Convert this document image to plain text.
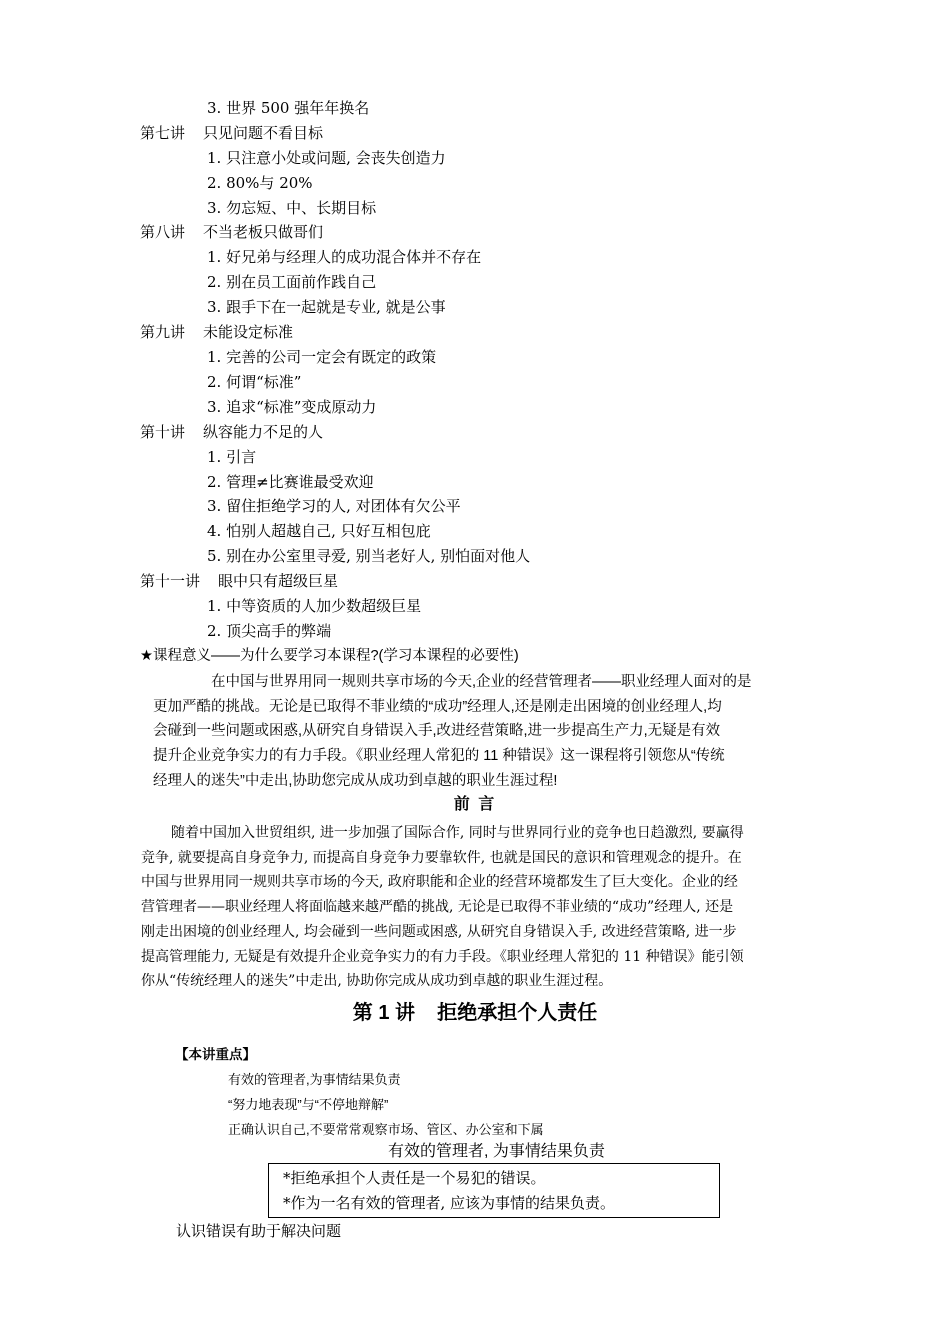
3. 世界 500 强年年换名
第七讲 只见问题不看目标
1. 只注意小处或问题, 会丧失创造力
2. 80%与 20%
3. 勿忘短、中、长期目标
第八讲 不当老板只做哥们
1. 好兄弟与经理人的成功混合体并不存在
2. 别在员工面前作践自己
3. 跟手下在一起就是专业, 就是公事
第九讲 未能设定标准
1. 完善的公司一定会有既定的政策
2. 何谓“标准”
3. 追求“标准”变成原动力
第十讲 纵容能力不足的人
1. 引言
2. 管理≠比赛谁最受欢迎
3. 留住拒绝学习的人, 对团体有欠公平
4. 怕别人超越自己, 只好互相包庇
5. 别在办公室里寻爱, 别当老好人, 别怕面对他人
第十一讲 眼中只有超级巨星
1. 中等资质的人加少数超级巨星
2. 顶尖高手的弊端
★课程意义——为什么要学习本课程?(学习本课程的必要性)

在中国与世界用同一规则共享市场的今天,企业的经营管理者——职业经理人面对的是

更加严酷的挑战。无论是已取得不菲业绩的“成功”经理人,还是刚走出困境的创业经理人,均

会碰到一些问题或困惑,从研究自身错误入手,改进经营策略,进一步提高生产力,无疑是有效

提升企业竞争实力的有力手段。《职业经理人常犯的 11 种错误》这一课程将引领您从“传统

经理人的迷失”中走出,协助您完成从成功到卓越的职业生涯过程!

前 言

随着中国加入世贸组织, 进一步加强了国际合作, 同时与世界同行业的竞争也日趋激烈, 要赢得

竞争, 就要提高自身竞争力, 而提高自身竞争力要靠软件, 也就是国民的意识和管理观念的提升。在

中国与世界用同一规则共享市场的今天, 政府职能和企业的经营环境都发生了巨大变化。企业的经

营管理者——职业经理人将面临越来越严酷的挑战, 无论是已取得不菲业绩的“成功”经理人, 还是

刚走出困境的创业经理人, 均会碰到一些问题或困惑, 从研究自身错误入手, 改进经营策略, 进一步

提高管理能力, 无疑是有效提升企业竞争实力的有力手段。《职业经理人常犯的 11 种错误》能引领

你从“传统经理人的迷失”中走出, 协助你完成从成功到卓越的职业生涯过程。

第 1 讲    拒绝承担个人责任
【本讲重点】
有效的管理者,为事情结果负责
“努力地表现”与“不停地辩解”
正确认识自己,不要常常观察市场、管区、办公室和下属
有效的管理者, 为事情结果负责

*拒绝承担个人责任是一个易犯的错误。

*作为一名有效的管理者, 应该为事情的结果负责。

认识错误有助于解决问题
